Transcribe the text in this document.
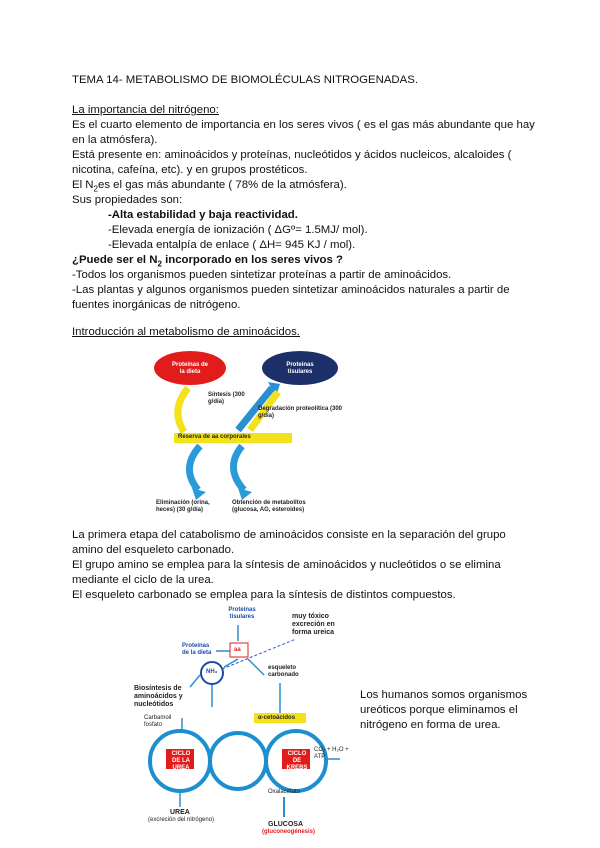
TEMA 14- METABOLISMO DE BIOMOLÉCULAS NITROGENADAS.
La importancia del nitrógeno:
Es el cuarto elemento de importancia en los seres vivos ( es el gas más abundante que hay
en la atmósfera).
Está presente en: aminoácidos y proteínas, nucleótidos y ácidos nucleicos, alcaloides (
nicotina, cafeína, etc). y en grupos prostéticos.
El $N_2es$ el gas más abundante ( 78% de la atmósfera).
Sus propiedades son:
-Alta estabilidad y baja reactividad.
-Elevada energía de ionización ( ΔGº= 1.5MJ/ mol).
-Elevada entalpía de enlace ( ΔH= 945 KJ / mol).
¿Puede ser el $N_2$ incorporado en los seres vivos ?
-Todos los organismos pueden sintetizar proteínas a partir de aminoácidos.
-Las plantas y algunos organismos pueden sintetizar aminoácidos naturales a partir de
fuentes inorgánicas de nitrógeno.
Introducción al metabolismo de aminoácidos.
Proteínas de la dieta
Proteínas tisulares
Síntesis (300 g/día)
Degradación proteolítica (300 g/día)
Reserva de aa corporales
Eliminación (orina, heces) (30 g/día)
Obtención de metabolitos (glucosa, AG, esteroides)
La primera etapa del catabolismo de aminoácidos consiste en la separación del grupo
amino del esqueleto carbonado.
El grupo amino se emplea para la síntesis de aminoácidos y nucleótidos o se elimina
mediante el ciclo de la urea.
El esqueleto carbonado se emplea para la síntesis de distintos compuestos.
Proteínas tisulares
Proteínas de la dieta	aa
NH₃
muy tóxico excreción en forma ureica
esqueleto carbonado
Biosíntesis de aminoácidos y nucleótidos
Carbamoil fosfato
α-cetoácidos
CICLO DE LA UREA
CICLO DE KREBS
CO₂ + H₂O + ATP
Oxalacetato
UREA
(excreción del nitrógeno)
GLUCOSA
(gluconeogénesis)
Los humanos somos organismos ureóticos porque eliminamos el nitrógeno en forma de urea.
